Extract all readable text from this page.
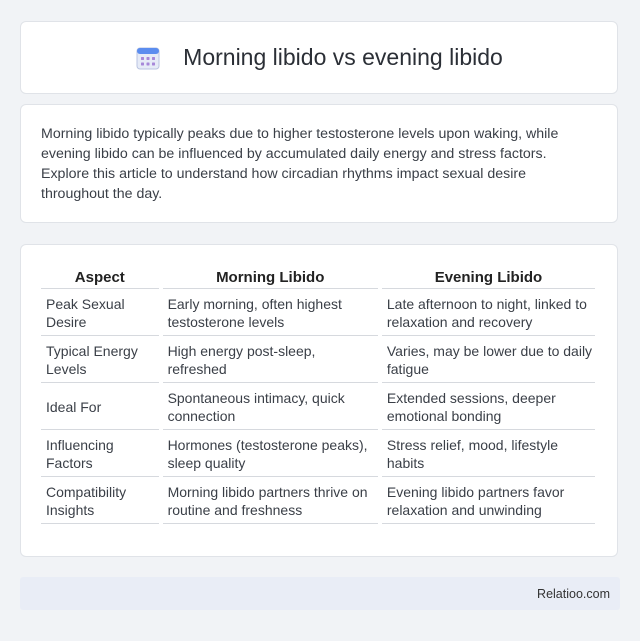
Morning libido vs evening libido

Morning libido typically peaks due to higher testosterone levels upon waking, while evening libido can be influenced by accumulated daily energy and stress factors. Explore this article to understand how circadian rhythms impact sexual desire throughout the day.

Aspect	Morning Libido	Evening Libido
Peak Sexual Desire	Early morning, often highest testosterone levels	Late afternoon to night, linked to relaxation and recovery
Typical Energy Levels	High energy post-sleep, refreshed	Varies, may be lower due to daily fatigue
Ideal For	Spontaneous intimacy, quick connection	Extended sessions, deeper emotional bonding
Influencing Factors	Hormones (testosterone peaks), sleep quality	Stress relief, mood, lifestyle habits
Compatibility Insights	Morning libido partners thrive on routine and freshness	Evening libido partners favor relaxation and unwinding
Relatioo.com
